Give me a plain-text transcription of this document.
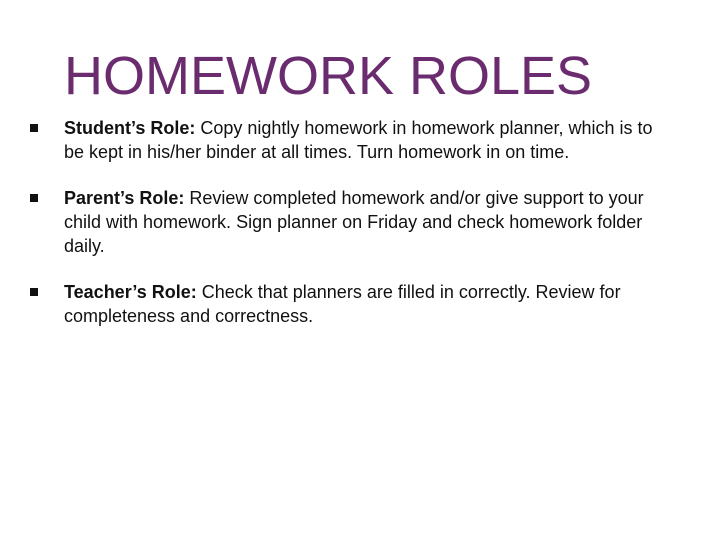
HOMEWORK ROLES
Student’s Role: Copy nightly homework in homework planner, which is to be kept in his/her binder at all times. Turn homework in on time.
Parent’s Role: Review completed homework and/or give support to your child with homework. Sign planner on Friday and check homework folder daily.
Teacher’s Role: Check that planners are filled in correctly. Review for completeness and correctness.
